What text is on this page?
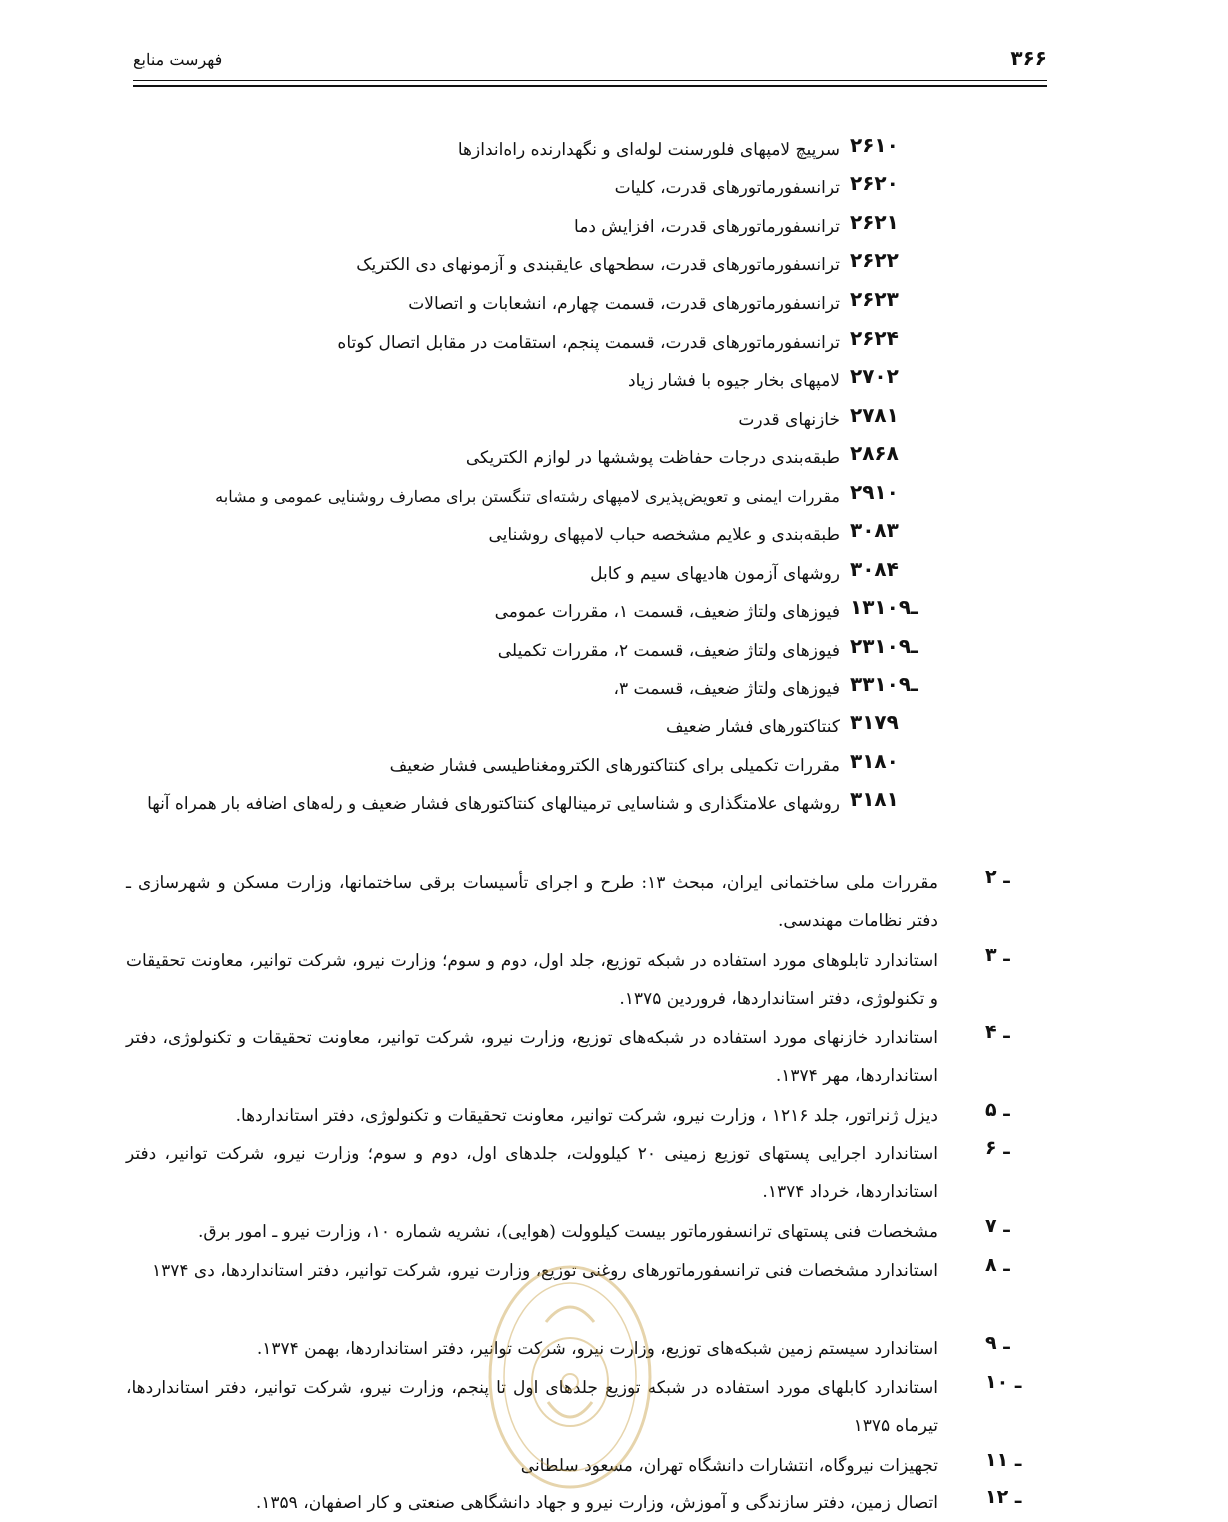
۳۶۶
فهرست منابع
۲۶۱۰
سرپیچ لامپهای فلورسنت لوله‌ای و نگهدارنده راه‌اندازها
۲۶۲۰
ترانسفورماتورهای قدرت، کلیات
۲۶۲۱
ترانسفورماتورهای قدرت، افزایش دما
۲۶۲۲
ترانسفورماتورهای قدرت، سطحهای عایقبندی و آزمونهای دی الکتریک
۲۶۲۳
ترانسفورماتورهای قدرت، قسمت چهارم، انشعابات و اتصالات
۲۶۲۴
ترانسفورماتورهای قدرت، قسمت پنجم، استقامت در مقابل اتصال کوتاه
۲۷۰۲
لامپهای بخار جیوه با فشار زیاد
۲۷۸۱
خازنهای قدرت
۲۸۶۸
طبقه‌بندی درجات حفاظت پوششها در لوازم الکتریکی
۲۹۱۰
مقررات ایمنی و تعویض‌پذیری لامپهای رشته‌ای تنگستن برای مصارف روشنایی عمومی و مشابه
۳۰۸۳
طبقه‌بندی و علایم مشخصه حباب لامپهای روشنایی
۳۰۸۴
روشهای آزمون هادیهای سیم و کابل
۱ـ۳۱۰۹
فیوزهای ولتاژ ضعیف، قسمت ۱، مقررات عمومی
۲ـ۳۱۰۹
فیوزهای ولتاژ ضعیف، قسمت ۲، مقررات تکمیلی
۳ـ۳۱۰۹
فیوزهای ولتاژ ضعیف، قسمت ۳،
۳۱۷۹
کنتاکتورهای فشار ضعیف
۳۱۸۰
مقررات تکمیلی برای کنتاکتورهای الکترومغناطیسی فشار ضعیف
۳۱۸۱
روشهای علامتگذاری و شناسایی ترمینالهای کنتاکتورهای فشار ضعیف و رله‌های اضافه بار همراه آنها
۲ ـ
مقررات ملی ساختمانی ایران، مبحث ۱۳: طرح و اجرای تأسیسات برقی ساختمانها، وزارت مسکن و شهرسازی ـ دفتر نظامات مهندسی.
۳ ـ
استاندارد تابلوهای مورد استفاده در شبکه توزیع، جلد اول، دوم و سوم؛ وزارت نیرو، شرکت توانیر، معاونت تحقیقات و تکنولوژی، دفتر استانداردها، فروردین ۱۳۷۵.
۴ ـ
استاندارد خازنهای مورد استفاده در شبکه‌های توزیع، وزارت نیرو، شرکت توانیر، معاونت تحقیقات و تکنولوژی، دفتر استانداردها، مهر ۱۳۷۴.
۵ ـ
دیزل ژنراتور، جلد ۱۲۱۶ ، وزارت نیرو، شرکت توانیر، معاونت تحقیقات و تکنولوژی، دفتر استانداردها.
۶ ـ
استاندارد اجرایی پستهای توزیع زمینی ۲۰ کیلوولت، جلدهای اول، دوم و سوم؛ وزارت نیرو، شرکت توانیر، دفتر استانداردها، خرداد ۱۳۷۴.
۷ ـ
مشخصات فنی پستهای ترانسفورماتور بیست کیلوولت (هوایی)، نشریه شماره ۱۰، وزارت نیرو ـ امور برق.
۸ ـ
استاندارد مشخصات فنی ترانسفورماتورهای روغنی توزیع، وزارت نیرو، شرکت توانیر، دفتر استانداردها، دی ۱۳۷۴
۹ ـ
استاندارد سیستم زمین شبکه‌های توزیع، وزارت نیرو، شرکت توانیر، دفتر استانداردها، بهمن ۱۳۷۴.
۱۰ ـ
استاندارد کابلهای مورد استفاده در شبکه توزیع جلدهای اول تا پنجم، وزارت نیرو، شرکت توانیر، دفتر استانداردها، تیرماه ۱۳۷۵
۱۱ ـ
تجهیزات نیروگاه، انتشارات دانشگاه تهران، مسعود سلطانی
۱۲ ـ
اتصال زمین، دفتر سازندگی و آموزش، وزارت نیرو و جهاد دانشگاهی صنعتی و کار اصفهان، ۱۳۵۹.
